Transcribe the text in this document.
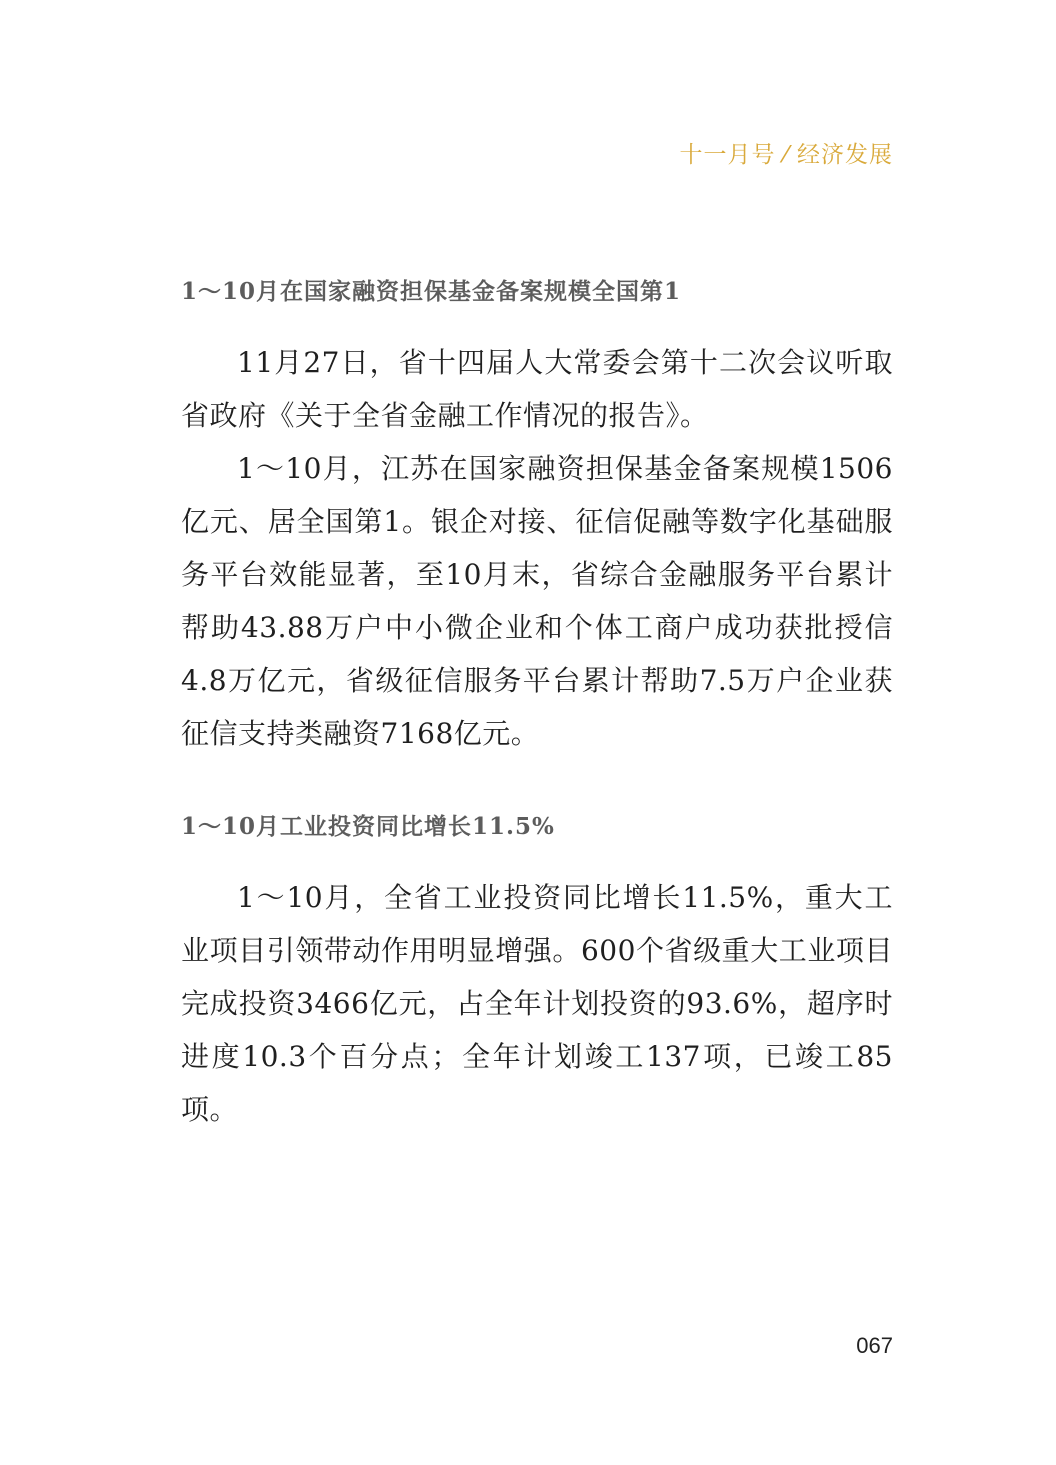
十一月号 ⁄ 经济发展
1～10月在国家融资担保基金备案规模全国第1

11月27日，省十四届人大常委会第十二次会议听取省政府《关于全省金融工作情况的报告》。

1～10月，江苏在国家融资担保基金备案规模1506亿元、居全国第1。银企对接、征信促融等数字化基础服务平台效能显著，至10月末，省综合金融服务平台累计帮助43.88万户中小微企业和个体工商户成功获批授信4.8万亿元，省级征信服务平台累计帮助7.5万户企业获征信支持类融资7168亿元。

1～10月工业投资同比增长11.5%

1～10月，全省工业投资同比增长11.5%，重大工业项目引领带动作用明显增强。600个省级重大工业项目完成投资3466亿元，占全年计划投资的93.6%，超序时进度10.3个百分点；全年计划竣工137项，已竣工85项。

067
